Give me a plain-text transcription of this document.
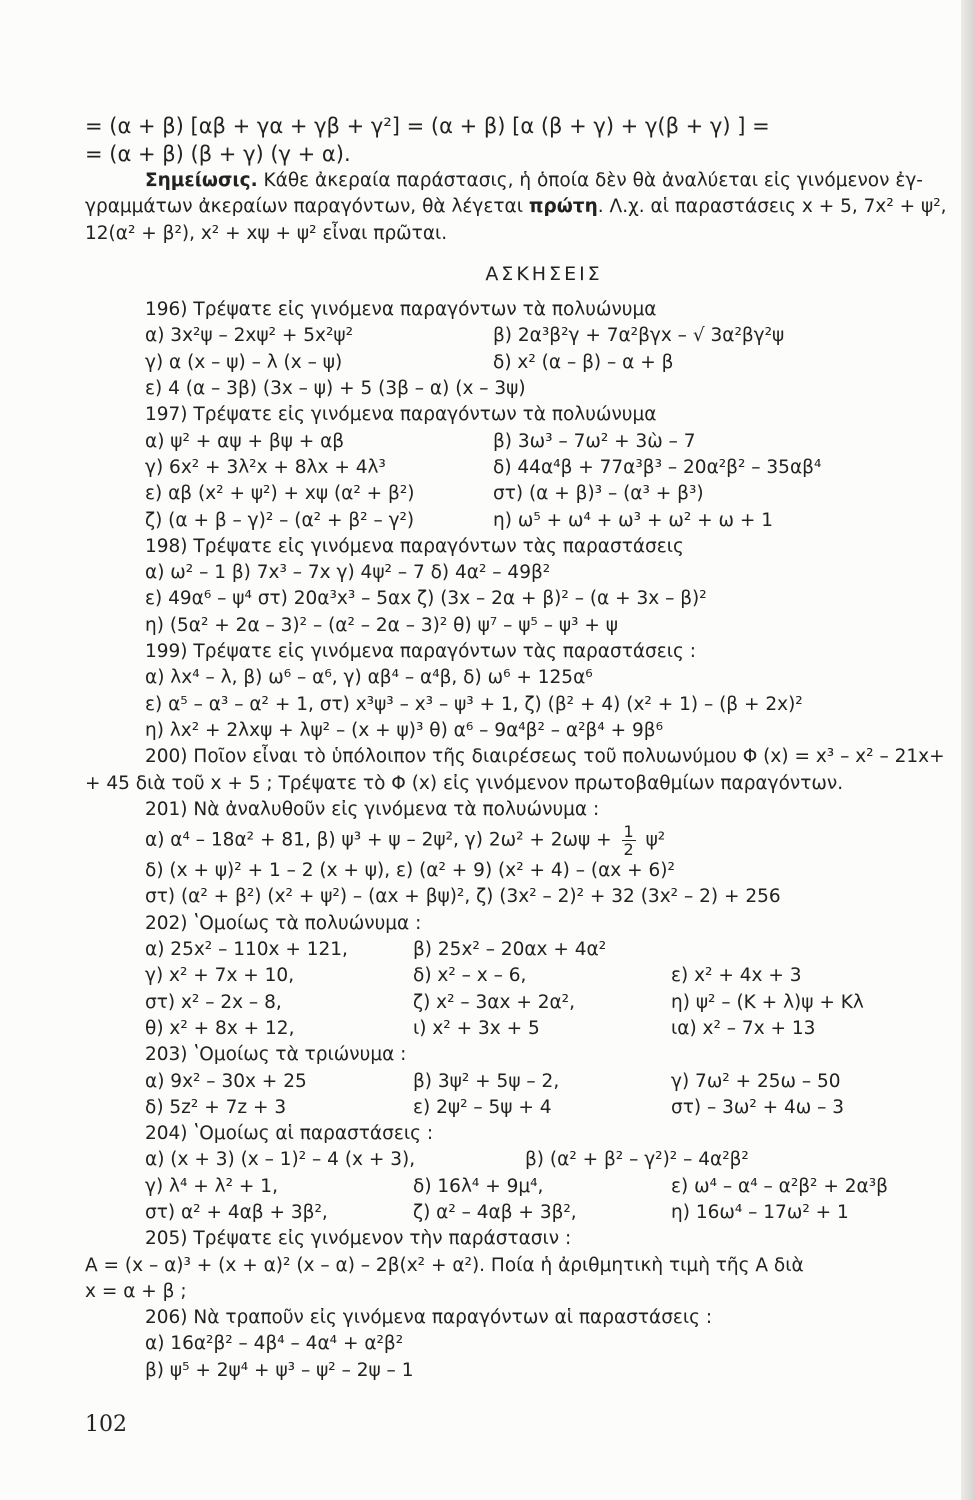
= (α + β) [αβ + γα + γβ + γ²] = (α + β) [α (β + γ) + γ(β + γ) ] =
= (α + β) (β + γ) (γ + α).
Σημείωσις. Κάθε ἀκεραία παράστασις, ἡ ὁποία δὲν θὰ ἀναλύεται εἰς γινόμενον ἐγ-
γραμμάτων ἀκεραίων παραγόντων, θὰ λέγεται πρώτη. Λ.χ. αἱ παραστάσεις x + 5, 7x² + ψ²,
12(α² + β²), x² + xψ + ψ² εἶναι πρῶται.
ΑΣΚΗΣΕΙΣ
196) Τρέψατε εἰς γινόμενα παραγόντων τὰ πολυώνυμα
α) 3x²ψ – 2xψ² + 5x²ψ²	β) 2α³β²γ + 7α²βγx – √ 3α²βγ²ψ
γ) α (x – ψ) – λ (x – ψ)	δ) x² (α – β) – α + β
ε) 4 (α – 3β) (3x – ψ) + 5 (3β – α) (x – 3ψ)
197) Τρέψατε εἰς γινόμενα παραγόντων τὰ πολυώνυμα
α) ψ² + αψ + βψ + αβ	β) 3ω³ – 7ω² + 3ὼ – 7
γ) 6x² + 3λ²x + 8λx + 4λ³	δ) 44α⁴β + 77α³β³ – 20α²β² – 35αβ⁴
ε) αβ (x² + ψ²) + xψ (α² + β²)	στ) (α + β)³ – (α³ + β³)
ζ) (α + β – γ)² – (α² + β² – γ²)	η) ω⁵ + ω⁴ + ω³ + ω² + ω + 1
198) Τρέψατε εἰς γινόμενα παραγόντων τὰς παραστάσεις
α) ω² – 1 β) 7x³ – 7x γ) 4ψ² – 7 δ) 4α² – 49β²
ε) 49α⁶ – ψ⁴ στ) 20α³x³ – 5αx ζ) (3x – 2α + β)² – (α + 3x – β)²
η) (5α² + 2α – 3)² – (α² – 2α – 3)² θ) ψ⁷ – ψ⁵ – ψ³ + ψ
199) Τρέψατε εἰς γινόμενα παραγόντων τὰς παραστάσεις :
α) λx⁴ – λ, β) ω⁶ – α⁶, γ) αβ⁴ – α⁴β, δ) ω⁶ + 125α⁶
ε) α⁵ – α³ – α² + 1, στ) x³ψ³ – x³ – ψ³ + 1, ζ) (β² + 4) (x² + 1) – (β + 2x)²
η) λx² + 2λxψ + λψ² – (x + ψ)³ θ) α⁶ – 9α⁴β² – α²β⁴ + 9β⁶
200) Ποῖον εἶναι τὸ ὑπόλοιπον τῆς διαιρέσεως τοῦ πολυωνύμου Φ (x) = x³ – x² – 21x+
+ 45 διὰ τοῦ x + 5 ; Τρέψατε τὸ Φ (x) εἰς γινόμενον πρωτοβαθμίων παραγόντων.
201) Νὰ ἀναλυθοῦν εἰς γινόμενα τὰ πολυώνυμα :
α) α⁴ – 18α² + 81, β) ψ³ + ψ – 2ψ², γ) $2\omega^2 + 2\omega\psi + \frac{1}{2} \psi^2$
δ) (x + ψ)² + 1 – 2 (x + ψ), ε) (α² + 9) (x² + 4) – (αx + 6)²
στ) (α² + β²) (x² + ψ²) – (αx + βψ)², ζ) (3x² – 2)² + 32 (3x² – 2) + 256
202) ʽΟμοίως τὰ πολυώνυμα :
α) 25x² – 110x + 121,	β) 25x² – 20αx + 4α²
γ) x² + 7x + 10,	δ) x² – x – 6,	ε) x² + 4x + 3
στ) x² – 2x – 8,	ζ) x² – 3αx + 2α²,	η) ψ² – (Κ + λ)ψ + Κλ
θ) x² + 8x + 12,	ι) x² + 3x + 5	ια) x² – 7x + 13
203) ʽΟμοίως τὰ τριώνυμα :
α) 9x² – 30x + 25	β) 3ψ² + 5ψ – 2,	γ) 7ω² + 25ω – 50
δ) 5z² + 7z + 3	ε) 2ψ² – 5ψ + 4	στ) – 3ω² + 4ω – 3
204) ʽΟμοίως αἱ παραστάσεις :
α) (x + 3) (x – 1)² – 4 (x + 3),	β) (α² + β² – γ²)² – 4α²β²
γ) λ⁴ + λ² + 1,	δ) 16λ⁴ + 9μ⁴,	ε) ω⁴ – α⁴ – α²β² + 2α³β
στ) α² + 4αβ + 3β²,	ζ) α² – 4αβ + 3β²,	η) 16ω⁴ – 17ω² + 1
205) Τρέψατε εἰς γινόμενον τὴν παράστασιν :
Α = (x – α)³ + (x + α)² (x – α) – 2β(x² + α²). Ποία ἡ ἀριθμητικὴ τιμὴ τῆς Α διὰ
x = α + β ;
206) Νὰ τραποῦν εἰς γινόμενα παραγόντων αἱ παραστάσεις :
α) 16α²β² – 4β⁴ – 4α⁴ + α²β²
β) ψ⁵ + 2ψ⁴ + ψ³ – ψ² – 2ψ – 1
102
